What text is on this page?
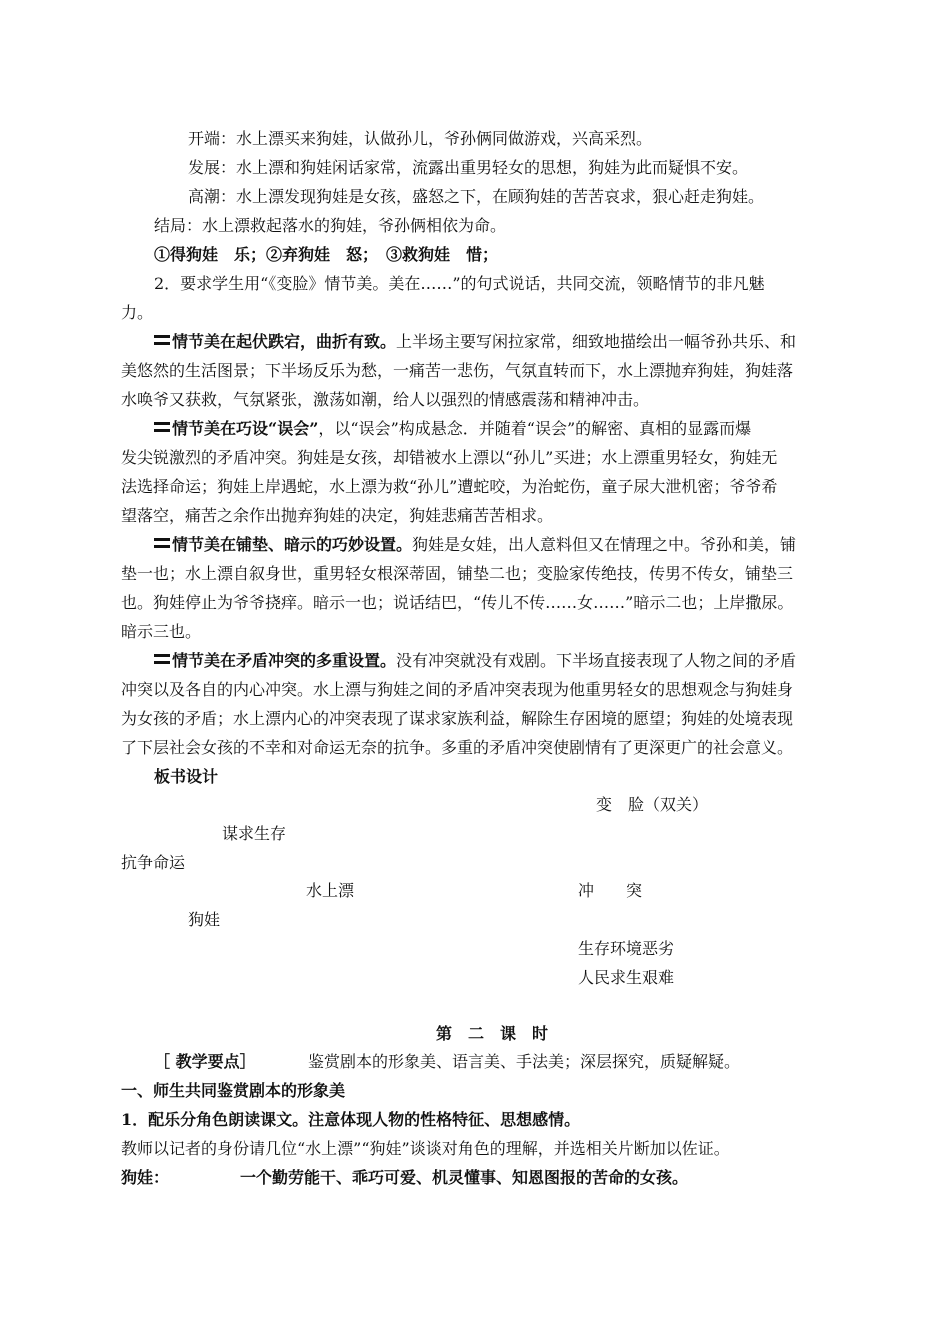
开端：水上漂买来狗娃，认做孙儿，爷孙俩同做游戏，兴高采烈。
发展：水上漂和狗娃闲话家常，流露出重男轻女的思想，狗娃为此而疑惧不安。
高潮：水上漂发现狗娃是女孩，盛怒之下，在顾狗娃的苦苦哀求，狠心赶走狗娃。
结局：水上漂救起落水的狗娃，爷孙俩相依为命。
①得狗娃　乐；②弃狗娃　怒；　③救狗娃　惜；
2．要求学生用“《变脸》情节美。美在……”的句式说话，共同交流，领略情节的非凡魅
力。
情节美在起伏跌宕，曲折有致。上半场主要写闲拉家常，细致地描绘出一幅爷孙共乐、和
美悠然的生活图景；下半场反乐为愁，一痛苦一悲伤，气氛直转而下，水上漂抛弃狗娃，狗娃落
水唤爷又获救，气氛紧张，激荡如潮，给人以强烈的情感震荡和精神冲击。
情节美在巧设“误会”，以“误会”构成悬念．并随着“误会”的解密、真相的显露而爆
发尖锐激烈的矛盾冲突。狗娃是女孩，却错被水上漂以“孙儿”买进；水上漂重男轻女，狗娃无
法选择命运；狗娃上岸遇蛇，水上漂为救“孙儿”遭蛇咬，为治蛇伤，童子尿大泄机密；爷爷希
望落空，痛苦之余作出抛弃狗娃的决定，狗娃悲痛苦苦相求。
情节美在铺垫、暗示的巧妙设置。狗娃是女娃，出人意料但又在情理之中。爷孙和美，铺
垫一也；水上漂自叙身世，重男轻女根深蒂固，铺垫二也；变脸家传绝技，传男不传女，铺垫三
也。狗娃停止为爷爷挠痒。暗示一也；说话结巴，“传儿不传……女……”暗示二也；上岸撒尿。
暗示三也。
情节美在矛盾冲突的多重设置。没有冲突就没有戏剧。下半场直接表现了人物之间的矛盾
冲突以及各自的内心冲突。水上漂与狗娃之间的矛盾冲突表现为他重男轻女的思想观念与狗娃身
为女孩的矛盾；水上漂内心的冲突表现了谋求家族利益，解除生存困境的愿望；狗娃的处境表现
了下层社会女孩的不幸和对命运无奈的抗争。多重的矛盾冲突使剧情有了更深更广的社会意义。
板书设计
变　脸（双关）
谋求生存
抗争命运
水上漂	冲　　突
狗娃
生存环境恶劣
人民求生艰难
第　二　课　时
［ 教学要点］	鉴赏剧本的形象美、语言美、手法美；深层探究，质疑解疑。
一、师生共同鉴赏剧本的形象美
1．配乐分角色朗读课文。注意体现人物的性格特征、思想感情。
教师以记者的身份请几位“水上漂”“狗娃”谈谈对角色的理解，并选相关片断加以佐证。
狗娃：	一个勤劳能干、乖巧可爱、机灵懂事、知恩图报的苦命的女孩。
